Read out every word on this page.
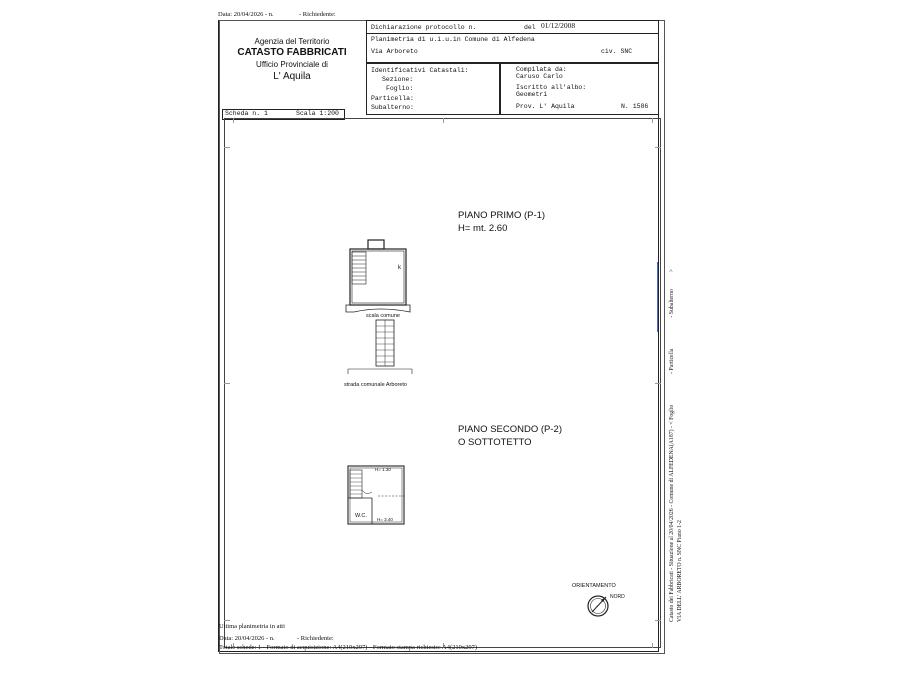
Data: 20/04/2026 - n.	- Richiedente:
Agenzia del Territorio
CATASTO FABBRICATI
Ufficio Provinciale di
L' Aquila
Dichiarazione protocollo n.	del 01/12/2008
Planimetria di u.i.u.in Comune di Alfedena
Via Arboreto	civ. SNC
Identificativi Catastali:
Sezione:
Foglio:
Particella:
Subalterno:
Compilata da:
Caruso Carlo
Iscritto all'albo:
Geometri
Prov. L' Aquila	N. 1586
Scheda n. 1	Scala 1:200
PIANO PRIMO (P-1)
H= mt. 2.60
k
scala comune
strada comunale Arboreto
PIANO SECONDO (P-2)
O SOTTOTETTO
H= 1.30
H= 3.40
W.C.
ORIENTAMENTO
NORD	Catasto dei Fabbricati - Situazione al 20/04/2026 - Comune di ALFEDENA(A187) - < Foglio  - Particella  - Subalterno  >
VIA DELL' ARBORETO n. SNC Piano 1-2
Ultima planimetria in atti
Data: 20/04/2026 - n.	- Richiedente:
Totale schede: 1 - Formato di acquisizione: A4(210x297) - Formato stampa richiesto: A4(210x297)
